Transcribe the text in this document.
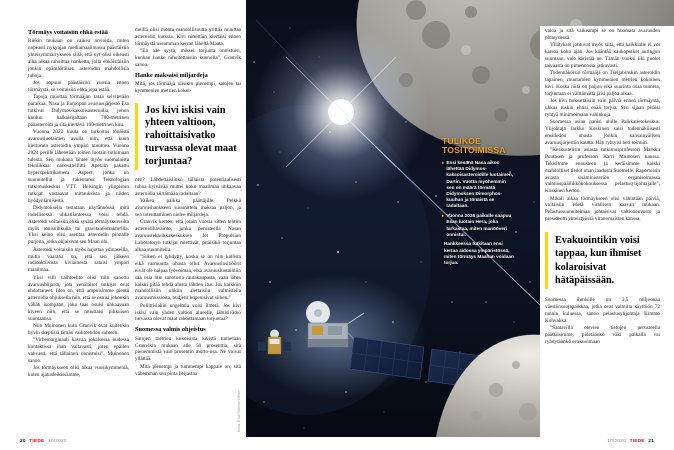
Törmäys voitaisiin ehkä estää

Riekin mukaan on vaikea arvioida, miten nopeasti nykyajan mediamaailmassa päästäisiin yhteisymmärrykseen siitä, että nyt olisi oikeasti aika alkaa rahoittaa hanketta, jolla ehkäistäisiin jonkin epämääräisen asteroidin mahdollisia tuhoja.

Jos sopuun päästäisiin vuosia ennen törmäystä, se voitaisiin ehkä jopa estää.

Tapoja muuttaa törmääjän rataa selvitetään paraikaa. Nasa ja Euroopan avaruusjärjestö Esa tutkivat Didymos-kaksoisasteroidia, johon kuuluu halkaisijaltaan 780-metrinen pääasteroidi ja sitä kiertävä 160-metrinen kuu.

Vuonna 2022 kuuta on tarkoitus tönäistä avaruusluotaimen avulla niin, että kuun kiertorata asteroidin ympäri muuttuu. Vuonna 2024 perille lähetetään toinen luotain tutkimaan tulosta. Sen mukana lähtee myös suomalaista tekniikkaa: nanosatelliitti Apexiin pakattu hyperspektrikamera Aspect, jonka on suunnitellut ja rakentanut Teknologian tutkimuskeskus VTT. Helsingin yliopiston tutkijat vastaavat mittauksista ja niiden hyödyntämisestä.

Didymoksella testataan käytännössä, mitä todellisessa uhkatilanteessa voisi tehdä. Asteroidi voitaisiin ehkä sysätä törmäyskurssilta myös ionisuihkulla tai gravitaatiotraktorilla. Yksi keino olisi asentaa asteroidin pinnalle purjeita, jotka ohjaisivat sen Maan ohi.

Asteroidi voitaisiin myös hajottaa ydinaseilla, mutta vaarana on, että sen jälkeen radioaktiivista kiviainesta sataisi ympäri maailmaa.

Yksi villi vaihtoehto olisi niin sanottu avaruusbiljardi, jota venäläiset tutkijat ovat ehdottaneet. Idea on, että ampuisimme pientä asteroidia ohjuksella niin, että se osuisi johonkin vähän isompaan, joka taas osuisi uhkaavaan kiveen niin, että se muuttaisi pikkuisen suuntaansa.

Niin Muinonen kuin Granvik ovat kuitenkin hyvin skeptisiä tämän vaihtoehdon suhteen.

”Virhemarginaali kasvaa jokaisessa uudessa kontaktissa ihan valtavasti, joten epäilen vahvasti, että tällainen onnistuisi”, Muinonen sanoo.

Jos törmäykseen olisi aikaa vuosikymmeniä, kuten ajatusleikissämme,

meillä olisi monta mahdollisuutta yrittää muuttaa asteroidin kurssia. Kivi nimittäin kiertäisi ennen törmäystä useamman kerran läheltä Maata.

”En näe syytä, miksei torjunta onnistuisi, kunhan hanke rahoitettaisiin kunnolla”, Granvik sanoo.

Hanke maksaisi miljardeja

Mitä, jos törmääjä olisikin pienempi, satojen tai kymmenien metrien kokoi-

Jos kivi iskisi vain yhteen valtioon, rahoittaisivatko turvassa olevat maat torjuntaa?

nen? Lähdettäisiinkö tällaista potentiaalisesti tuhoa kylvävää muttei koko maailmaa uhkaavaa asteroidia siirtämään radaltaan?

Vaikea paikka päättäjille. Pelkkä avaruushankkeen suunnittelu maksaa paljon, ja sen toteuttaminen nielee miljardeja.

Granvik kertoo, että jotain vuosia sitten tehtiin asteroidihavainto, jonka perusteella Nasan avaruustekniikkakeskuksen Jet Propulsion Laboratoryn tutkijat miettivät, pitäisikö torjuntaa alkaa suunnitella.

”Siihen ei ryhdytty, koska se on niin kallista eikä varmuutta uhasta ollut. Avaruusinsinöörit eivät ole halpaa työvoimaa, eikä avaruusluotaimiin saa osia niin sanotusta rautakaupasta, vaan lähes kaikki pitää tehdä alusta lähtien itse. Jos kaikkiin mahdollisiin uhkiin alettaisiin valmistella avaruusmissioita, budjetit hupenisivat siihen.”

Poliittisiakin ongelmia voisi ilmetä. Jos kivi iskisi vain yhden valtion alueelle, lähtisivätkö turvassa olevat maat rahoittamaan torjuntaa?

Suomessa valmis ohjeistus

Satojen metrien kokoisista kivistä tunnetaan Granvikin mukaan alle 50 prosenttia, sitä pienemmistä vain prosentin murto-osa. Ne voivat yllättää.

Mitä pienempi ja tummempi kappale on, sitä vähemmän sen pinta heijastaa

TULIKOE
TOSITOIMISSA
▸ Ensi kesänä Nasa aikoo lähettää Didymos-kaksoisasteroidille luotaimen, Dartin. Vuotta myöhemmin sen on määrä törmätä Didymoksen Dimorphos-kuuhun ja tönäistä se radaltaan.
▸ Vuonna 2026 paikalle saapuu Esan luotain Hera, joka tarkastaa, miten manööveri onnistui.
Hankkeessa tutkitaan ensi kertaa aidossa ympäristössä, miten törmäys Maahan voidaan torjua.

valoa ja sitä vaikeampi se on huomata avaruuden pimeydessä.

Yllätykset johtuvat myös siitä, että kaikkialle ei voi katsoa koko ajan. Jos kääntää kaukoputket auringon suuntaan, valo käristää ne. Tämän vuoksi liki puolet taivaasta on pimennossa jatkuvasti.

Todennäköisin törmääjä on Tšeljabinskin asteroidin tapainen, muutamien kymmenien metrien kokoinen kivi. Koska niitä on paljon eikä suurinta osaa tunneta, torjuntaan ei välttämättä jäisi paljoa aikaa.

Jos kivi hoksattaisiin vain päiviä ennen törmäystä, uhkaa tuskin ehtisi enää torjua. Sen sijaan pitäisi ryhtyä minimoimaan vahinkoja.

Suomessa asian panisi alulle Paikkatietokeskus. Ylijohtaja Jarkko Koskinen saisi todennäköisesti ensitiedon uhasta jonkin kansainvälisen avaruusjärjestön kautta. Hän ryhtyisi heti toimiin.

”Keskustelisin asiasta tutkimusprofessori Markku Poutasen ja professori Karri Muinosen kanssa. Tekisimme ennusteen ja keräisimme kaikki mahdolliset tiedot uhan laadusta Suomelle. Raportoisin asiasta sisäministeriön organisoimassa valmiuspäällikkökokouksessa pelastusylijohtajalle”, Koskinen kertoo.

Mikäli aikaa törmäykseen olisi vähintään päiviä, voitaisiin edetä virallisen kaavan mukaan. Pelastussuunnitelmaa johtaisivat valtioneuvosto ja presidentti yhteistyössä viranomaisten kanssa.

Evakuointikin voisi tappaa, kun ihmiset kolaroisivat hätäpäissään.

Suomessa ihmisille on 3,5 miljoonaa väestönsuojapaikkaa, jotka ovat valmiita käyttöön 72 tunnin kuluessa, sanoo pelastusylijohtaja Kimmo Kohvakka.

”Saatavilla olevien tietojen perusteella päättäisimme, pidetäänkö väki paikalla vai ryhdytäänkö evakuoimaan

Kuva: ESA/Science Office
20 TIEDE 10/2020	10/2020 TIEDE 21
